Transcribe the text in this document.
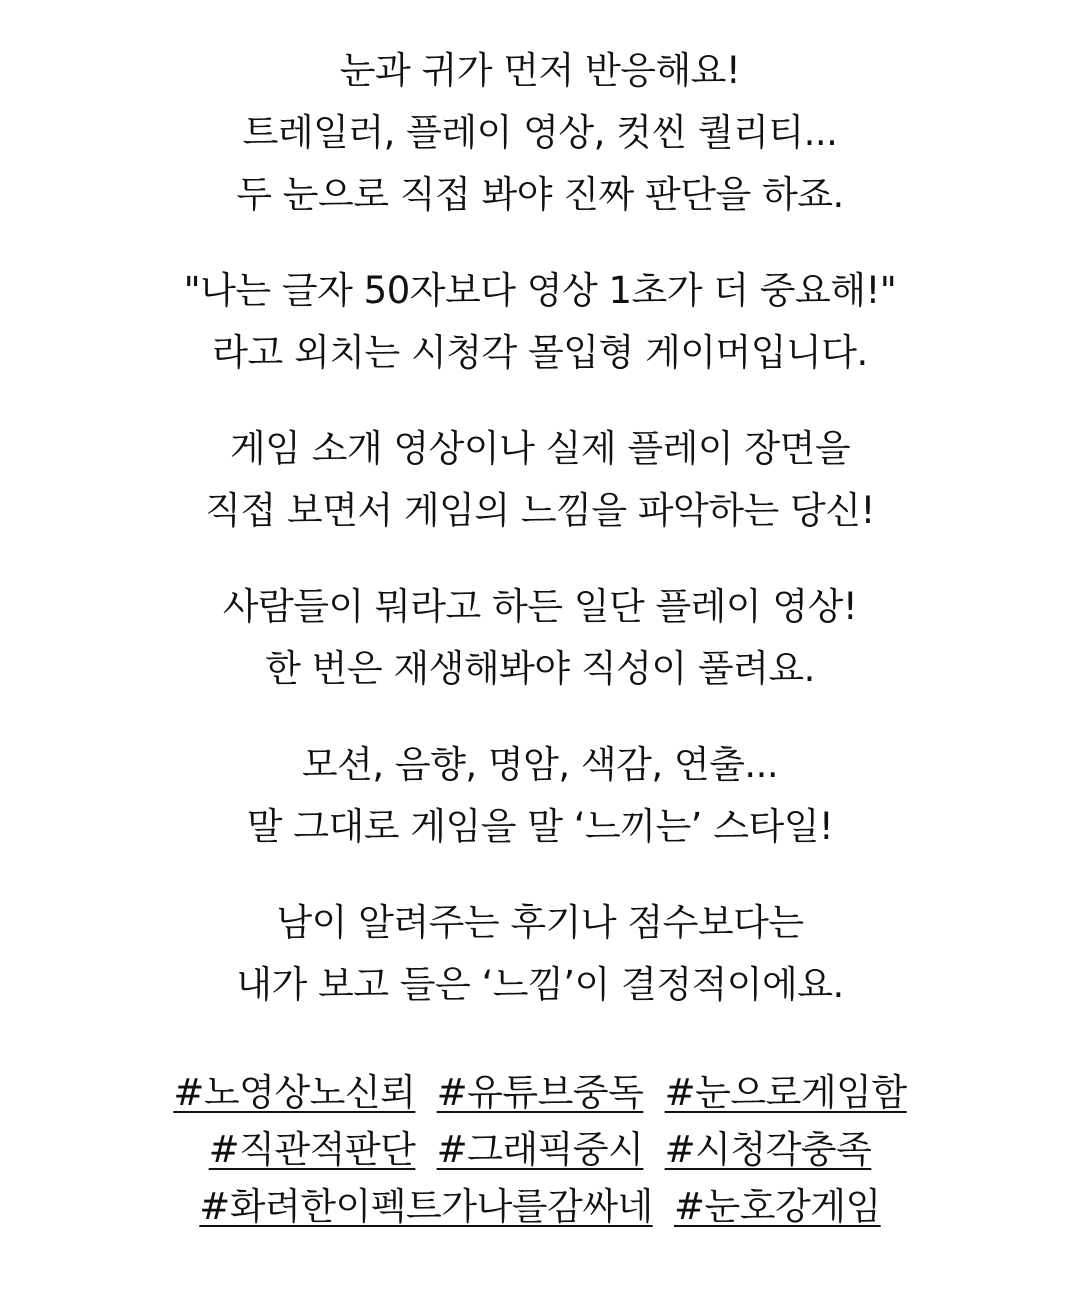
눈과 귀가 먼저 반응해요!
트레일러, 플레이 영상, 컷씬 퀄리티...
두 눈으로 직접 봐야 진짜 판단을 하죠.
"나는 글자 50자보다 영상 1초가 더 중요해!"
라고 외치는 시청각 몰입형 게이머입니다.
게임 소개 영상이나 실제 플레이 장면을
직접 보면서 게임의 느낌을 파악하는 당신!
사람들이 뭐라고 하든 일단 플레이 영상!
한 번은 재생해봐야 직성이 풀려요.
모션, 음향, 명암, 색감, 연출...
말 그대로 게임을 말 ‘느끼는’ 스타일!
남이 알려주는 후기나 점수보다는
내가 보고 들은 ‘느낌’이 결정적이에요.
#노영상노신뢰 #유튜브중독 #눈으로게임함
#직관적판단 #그래픽중시 #시청각충족
#화려한이펙트가나를감싸네 #눈호강게임
